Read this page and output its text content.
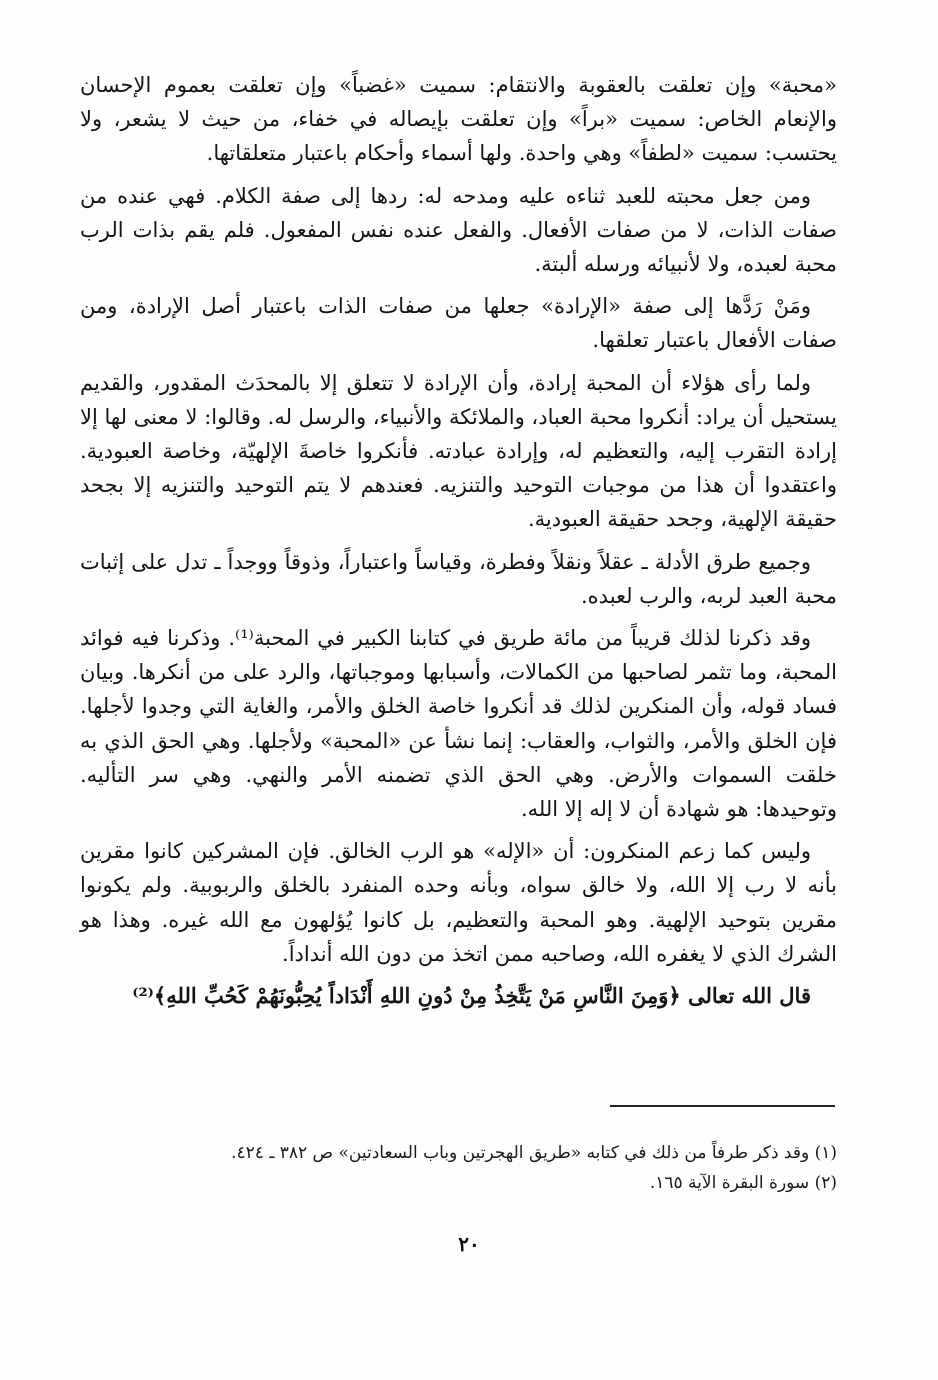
«محبة» وإن تعلقت بالعقوبة والانتقام: سميت «غضباً» وإن تعلقت بعموم الإحسان والإنعام الخاص: سميت «براً» وإن تعلقت بإيصاله في خفاء، من حيث لا يشعر، ولا يحتسب: سميت «لطفاً» وهي واحدة. ولها أسماء وأحكام باعتبار متعلقاتها.

ومن جعل محبته للعبد ثناءه عليه ومدحه له: ردها إلى صفة الكلام. فهي عنده من صفات الذات، لا من صفات الأفعال. والفعل عنده نفس المفعول. فلم يقم بذات الرب محبة لعبده، ولا لأنبيائه ورسله ألبتة.

ومَنْ رَدَّها إلى صفة «الإرادة» جعلها من صفات الذات باعتبار أصل الإرادة، ومن صفات الأفعال باعتبار تعلقها.

ولما رأى هؤلاء أن المحبة إرادة، وأن الإرادة لا تتعلق إلا بالمحدَث المقدور، والقديم يستحيل أن يراد: أنكروا محبة العباد، والملائكة والأنبياء، والرسل له. وقالوا: لا معنى لها إلا إرادة التقرب إليه، والتعظيم له، وإرادة عبادته. فأنكروا خاصةَ الإلهيّة، وخاصة العبودية. واعتقدوا أن هذا من موجبات التوحيد والتنزيه. فعندهم لا يتم التوحيد والتنزيه إلا بجحد حقيقة الإلهية، وجحد حقيقة العبودية.

وجميع طرق الأدلة ـ عقلاً ونقلاً وفطرة، وقياساً واعتباراً، وذوقاً ووجداً ـ تدل على إثبات محبة العبد لربه، والرب لعبده.

وقد ذكرنا لذلك قريباً من مائة طريق في كتابنا الكبير في المحبة⁽¹⁾. وذكرنا فيه فوائد المحبة، وما تثمر لصاحبها من الكمالات، وأسبابها وموجباتها، والرد على من أنكرها. وبيان فساد قوله، وأن المنكرين لذلك قد أنكروا خاصة الخلق والأمر، والغاية التي وجدوا لأجلها. فإن الخلق والأمر، والثواب، والعقاب: إنما نشأ عن «المحبة» ولأجلها. وهي الحق الذي به خلقت السموات والأرض. وهي الحق الذي تضمنه الأمر والنهي. وهي سر التأليه. وتوحيدها: هو شهادة أن لا إله إلا الله.

وليس كما زعم المنكرون: أن «الإله» هو الرب الخالق. فإن المشركين كانوا مقرين بأنه لا رب إلا الله، ولا خالق سواه، وبأنه وحده المنفرد بالخلق والربوبية. ولم يكونوا مقرين بتوحيد الإلهية. وهو المحبة والتعظيم، بل كانوا يُؤلهون مع الله غيره. وهذا هو الشرك الذي لا يغفره الله، وصاحبه ممن اتخذ من دون الله أنداداً.

قال الله تعالى ﴿وَمِنَ النَّاسِ مَنْ يَتَّخِذُ مِنْ دُونِ اللهِ أَنْدَاداً يُحِبُّونَهُمْ كَحُبِّ اللهِ﴾⁽²⁾

(١) وقد ذكر طرفاً من ذلك في كتابه «طريق الهجرتين وباب السعادتين» ص ٣٨٢ ـ ٤٢٤.

(٢) سورة البقرة الآية ١٦٥.

٢٠
